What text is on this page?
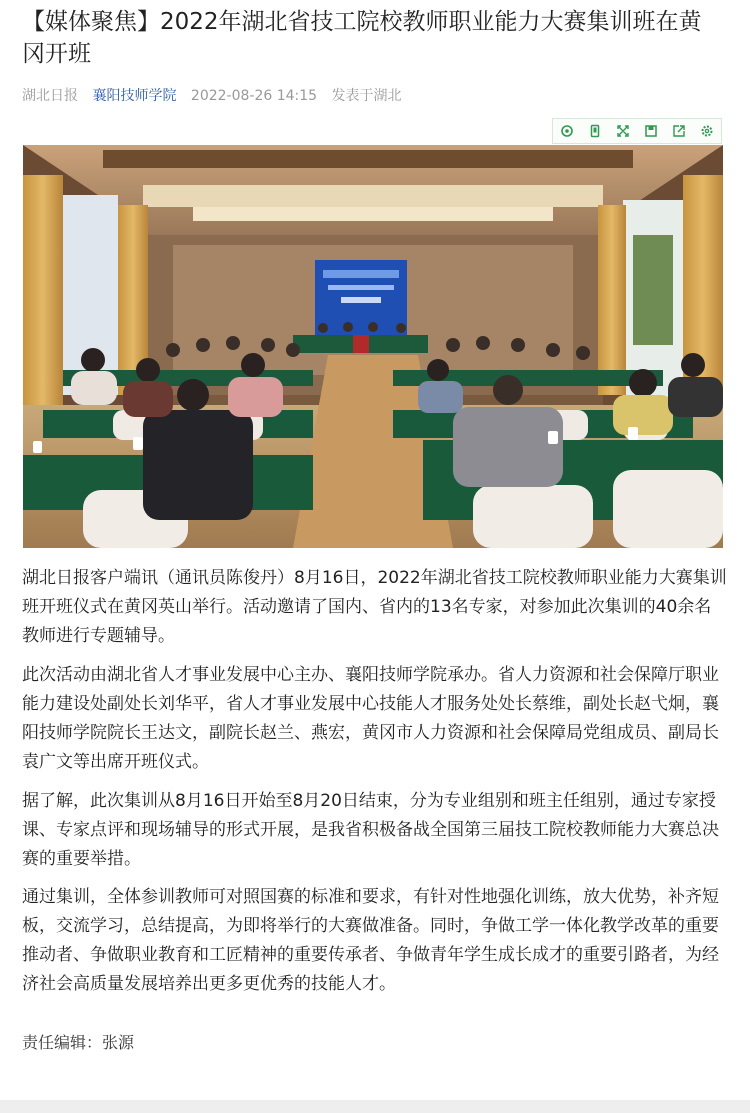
【媒体聚焦】2022年湖北省技工院校教师职业能力大赛集训班在黄冈开班
湖北日报 襄阳技师学院 2022-08-26 14:15 发表于湖北

湖北日报客户端讯（通讯员陈俊丹）8月16日，2022年湖北省技工院校教师职业能力大赛集训班开班仪式在黄冈英山举行。活动邀请了国内、省内的13名专家，对参加此次集训的40余名教师进行专题辅导。

此次活动由湖北省人才事业发展中心主办、襄阳技师学院承办。省人力资源和社会保障厅职业能力建设处副处长刘华平，省人才事业发展中心技能人才服务处处长蔡维，副处长赵弋炯，襄阳技师学院院长王达文，副院长赵兰、燕宏，黄冈市人力资源和社会保障局党组成员、副局长袁广文等出席开班仪式。

据了解，此次集训从8月16日开始至8月20日结束，分为专业组别和班主任组别，通过专家授课、专家点评和现场辅导的形式开展，是我省积极备战全国第三届技工院校教师能力大赛总决赛的重要举措。

通过集训，全体参训教师可对照国赛的标准和要求，有针对性地强化训练，放大优势，补齐短板，交流学习，总结提高，为即将举行的大赛做准备。同时，争做工学一体化教学改革的重要推动者、争做职业教育和工匠精神的重要传承者、争做青年学生成长成才的重要引路者，为经济社会高质量发展培养出更多更优秀的技能人才。

责任编辑：张源
